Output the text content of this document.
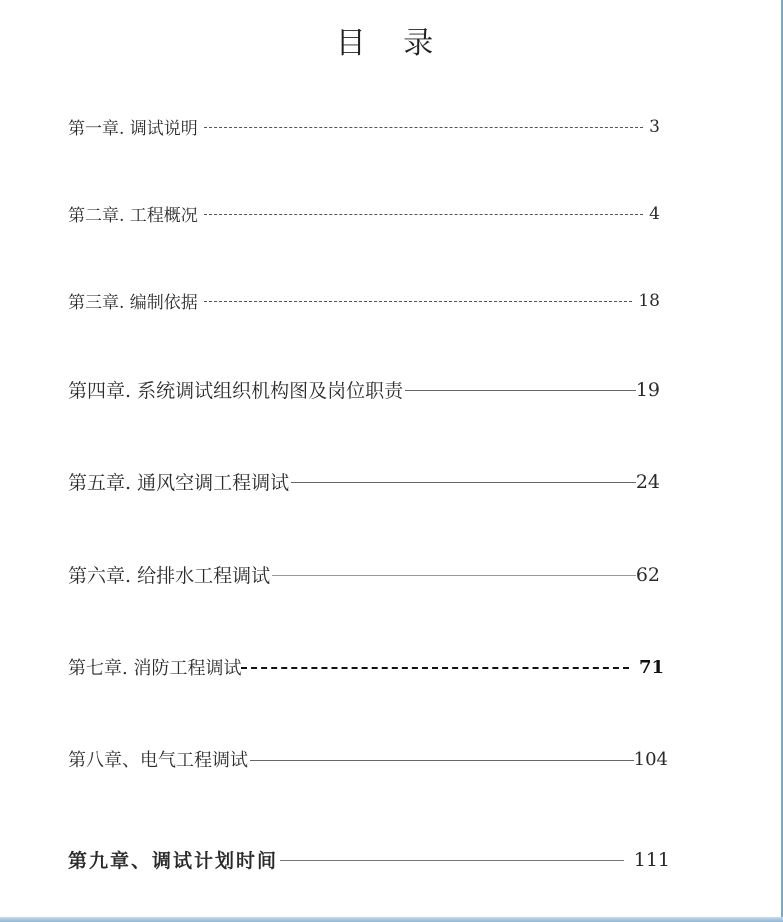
目 录
第一章. 调试说明	3
第二章. 工程概况	4
第三章. 编制依据	18
第四章. 系统调试组织机构图及岗位职责	19
第五章. 通风空调工程调试	24
第六章. 给排水工程调试	62
第七章. 消防工程调试	71
第八章、电气工程调试	104
第九章、调试计划时间	111
